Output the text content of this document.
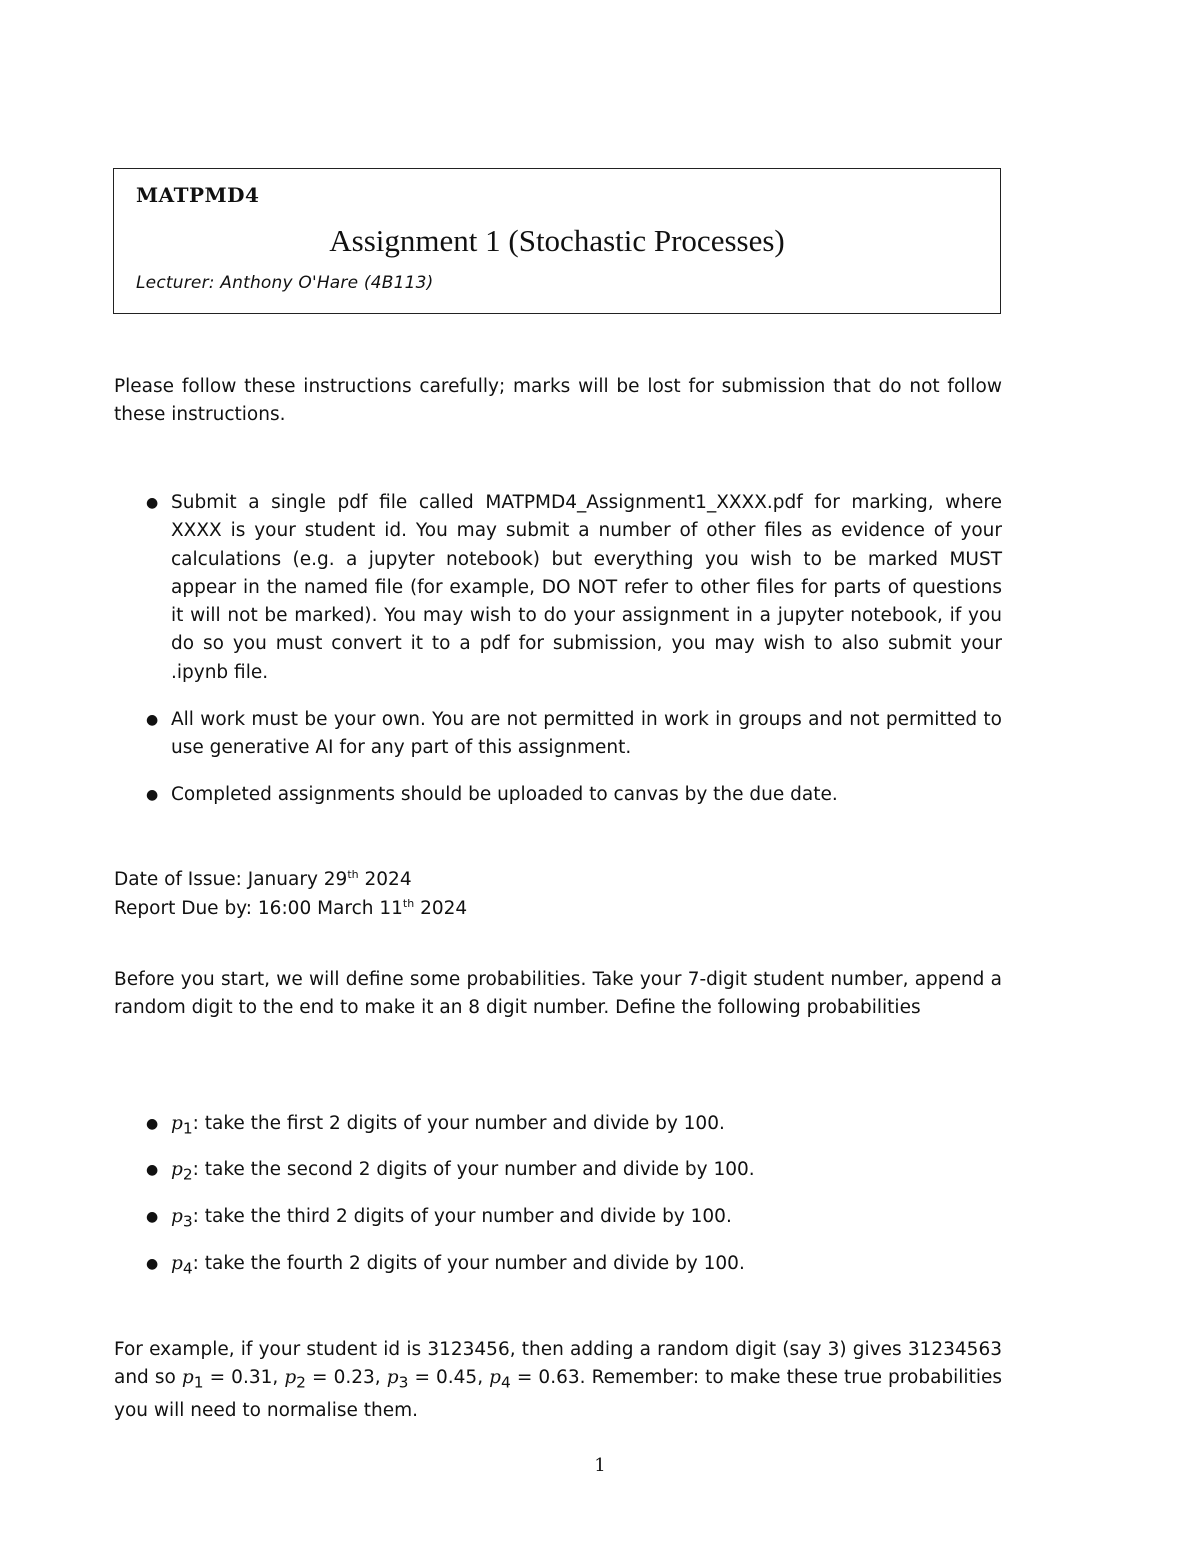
MATPMD4
Assignment 1 (Stochastic Processes)
Lecturer: Anthony O'Hare (4B113)
Please follow these instructions carefully; marks will be lost for submission that do not follow these instructions.
● Submit a single pdf file called MATPMD4_Assignment1_XXXX.pdf for marking, where XXXX is your student id. You may submit a number of other files as evidence of your calculations (e.g. a jupyter notebook) but everything you wish to be marked MUST appear in the named file (for example, DO NOT refer to other files for parts of questions it will not be marked). You may wish to do your assignment in a jupyter notebook, if you do so you must convert it to a pdf for submission, you may wish to also submit your .ipynb file.
● All work must be your own. You are not permitted in work in groups and not permitted to use generative AI for any part of this assignment.
● Completed assignments should be uploaded to canvas by the due date.
Date of Issue: January 29th 2024
Report Due by: 16:00 March 11th 2024
Before you start, we will define some probabilities. Take your 7-digit student number, append a random digit to the end to make it an 8 digit number. Define the following probabilities
● $p_1$: take the first 2 digits of your number and divide by 100.
● $p_2$: take the second 2 digits of your number and divide by 100.
● $p_3$: take the third 2 digits of your number and divide by 100.
● $p_4$: take the fourth 2 digits of your number and divide by 100.
For example, if your student id is 3123456, then adding a random digit (say 3) gives 31234563 and so $p_1 = 0.31$, $p_2 = 0.23$, $p_3 = 0.45$, $p_4 = 0.63$. Remember: to make these true probabilities you will need to normalise them.
1
